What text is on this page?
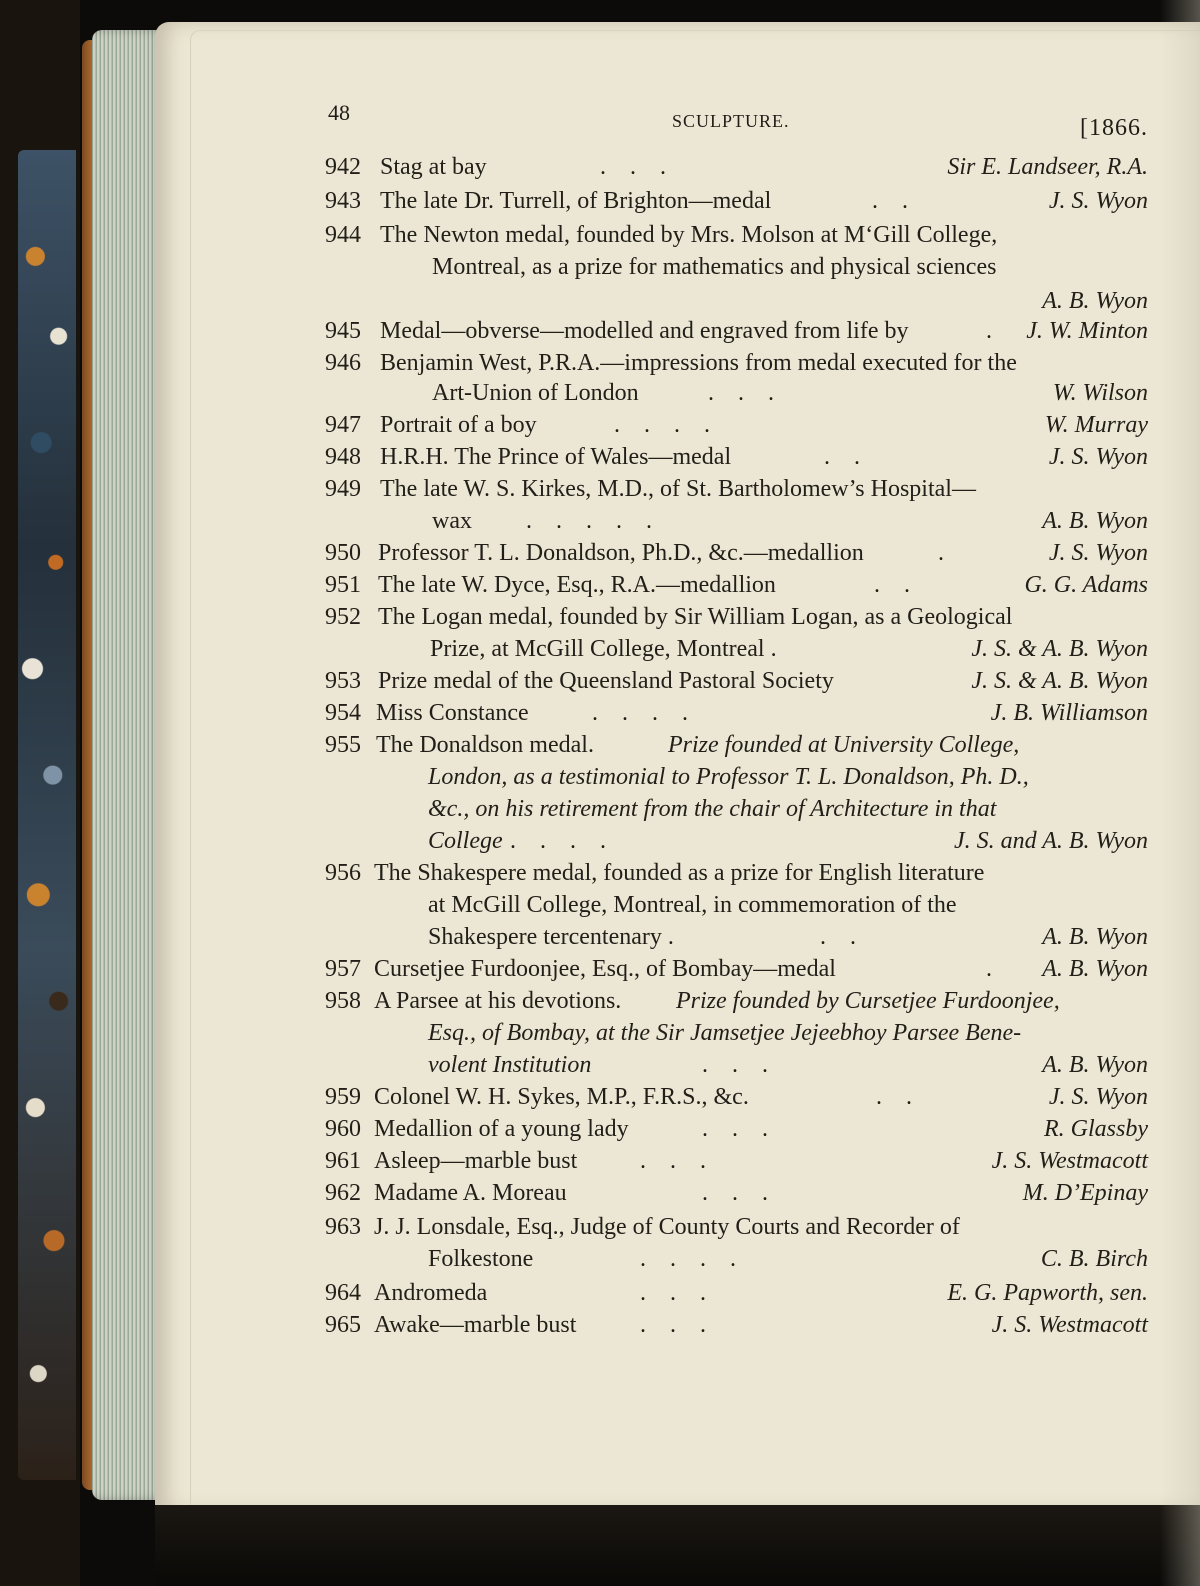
48	SCULPTURE.	[1866.
942 Stag at bay	.    .    .	Sir E. Landseer, R.A.
943 The late Dr. Turrell, of Brighton—medal	.    .	J. S. Wyon
944 The Newton medal, founded by Mrs. Molson at M‘Gill College,
Montreal, as a prize for mathematics and physical sciences
A. B. Wyon
945 Medal—obverse—modelled and engraved from life by	. J. W. Minton
946 Benjamin West, P.R.A.—impressions from medal executed for the
Art-Union of London	.    .    .	W. Wilson
947 Portrait of a boy	.    .    .    .	W. Murray
948 H.R.H. The Prince of Wales—medal	.    .	J. S. Wyon
949 The late W. S. Kirkes, M.D., of St. Bartholomew’s Hospital—
wax .    .    .    .    .	A. B. Wyon
950 Professor T. L. Donaldson, Ph.D., &c.—medallion	.	J. S. Wyon
951 The late W. Dyce, Esq., R.A.—medallion	.    .	G. G. Adams
952 The Logan medal, founded by Sir William Logan, as a Geological
Prize, at McGill College, Montreal .	J. S. & A. B. Wyon
953 Prize medal of the Queensland Pastoral Society	J. S. & A. B. Wyon
954 Miss Constance	.    .    .    .	J. B. Williamson
955 The Donaldson medal.	Prize founded at University College,
London, as a testimonial to Professor T. L. Donaldson, Ph. D.,
&c., on his retirement from the chair of Architecture in that
College .    .    .    .	J. S. and A. B. Wyon
956 The Shakespere medal, founded as a prize for English literature
at McGill College, Montreal, in commemoration of the
Shakespere tercentenary .	.    .	A. B. Wyon
957 Cursetjee Furdoonjee, Esq., of Bombay—medal	. A. B. Wyon
958 A Parsee at his devotions. Prize founded by Cursetjee Furdoonjee,
Esq., of Bombay, at the Sir Jamsetjee Jejeebhoy Parsee Bene-
volent Institution	.    .    .	A. B. Wyon
959 Colonel W. H. Sykes, M.P., F.R.S., &c.	.    .	J. S. Wyon
960 Medallion of a young lady	.    .    .	R. Glassby
961 Asleep—marble bust	.    .    .	J. S. Westmacott
962 Madame A. Moreau	.    .    .	M. D’Epinay
963 J. J. Lonsdale, Esq., Judge of County Courts and Recorder of
Folkestone	.    .    .    .	C. B. Birch
964 Andromeda	.    .    .	E. G. Papworth, sen.
965 Awake—marble bust	.    .    .	J. S. Westmacott
